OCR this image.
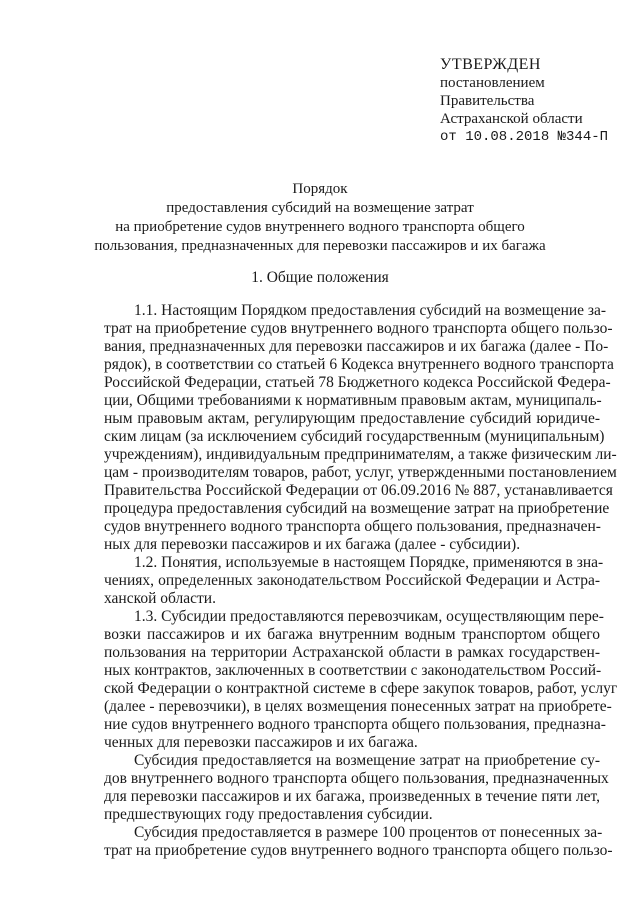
УТВЕРЖДЕН
постановлением
Правительства
Астраханской области
от 10.08.2018 №344-П
Порядок
предоставления субсидий на возмещение затрат
на приобретение судов внутреннего водного транспорта общего
пользования, предназначенных для перевозки пассажиров и их багажа
1. Общие положения

1.1. Настоящим Порядком предоставления субсидий на возмещение за-
трат на приобретение судов внутреннего водного транспорта общего пользо-
вания, предназначенных для перевозки пассажиров и их багажа (далее - По-
рядок), в соответствии со статьей 6 Кодекса внутреннего водного транспорта
Российской Федерации, статьей 78 Бюджетного кодекса Российской Федера-
ции, Общими требованиями к нормативным правовым актам, муниципаль-
ным правовым актам, регулирующим предоставление субсидий юридиче-
ским лицам (за исключением субсидий государственным (муниципальным)
учреждениям), индивидуальным предпринимателям, а также физическим ли-
цам - производителям товаров, работ, услуг, утвержденными постановлением
Правительства Российской Федерации от 06.09.2016 № 887, устанавливается
процедура предоставления субсидий на возмещение затрат на приобретение
судов внутреннего водного транспорта общего пользования, предназначен-
ных для перевозки пассажиров и их багажа (далее - субсидии).

1.2. Понятия, используемые в настоящем Порядке, применяются в зна-
чениях, определенных законодательством Российской Федерации и Астра-
ханской области.

1.3. Субсидии предоставляются перевозчикам, осуществляющим пере-
возки пассажиров и их багажа внутренним водным транспортом общего
пользования на территории Астраханской области в рамках государствен-
ных контрактов, заключенных в соответствии с законодательством Россий-
ской Федерации о контрактной системе в сфере закупок товаров, работ, услуг
(далее - перевозчики), в целях возмещения понесенных затрат на приобрете-
ние судов внутреннего водного транспорта общего пользования, предназна-
ченных для перевозки пассажиров и их багажа.

Субсидия предоставляется на возмещение затрат на приобретение су-
дов внутреннего водного транспорта общего пользования, предназначенных
для перевозки пассажиров и их багажа, произведенных в течение пяти лет,
предшествующих году предоставления субсидии.

Субсидия предоставляется в размере 100 процентов от понесенных за-
трат на приобретение судов внутреннего водного транспорта общего пользо-
